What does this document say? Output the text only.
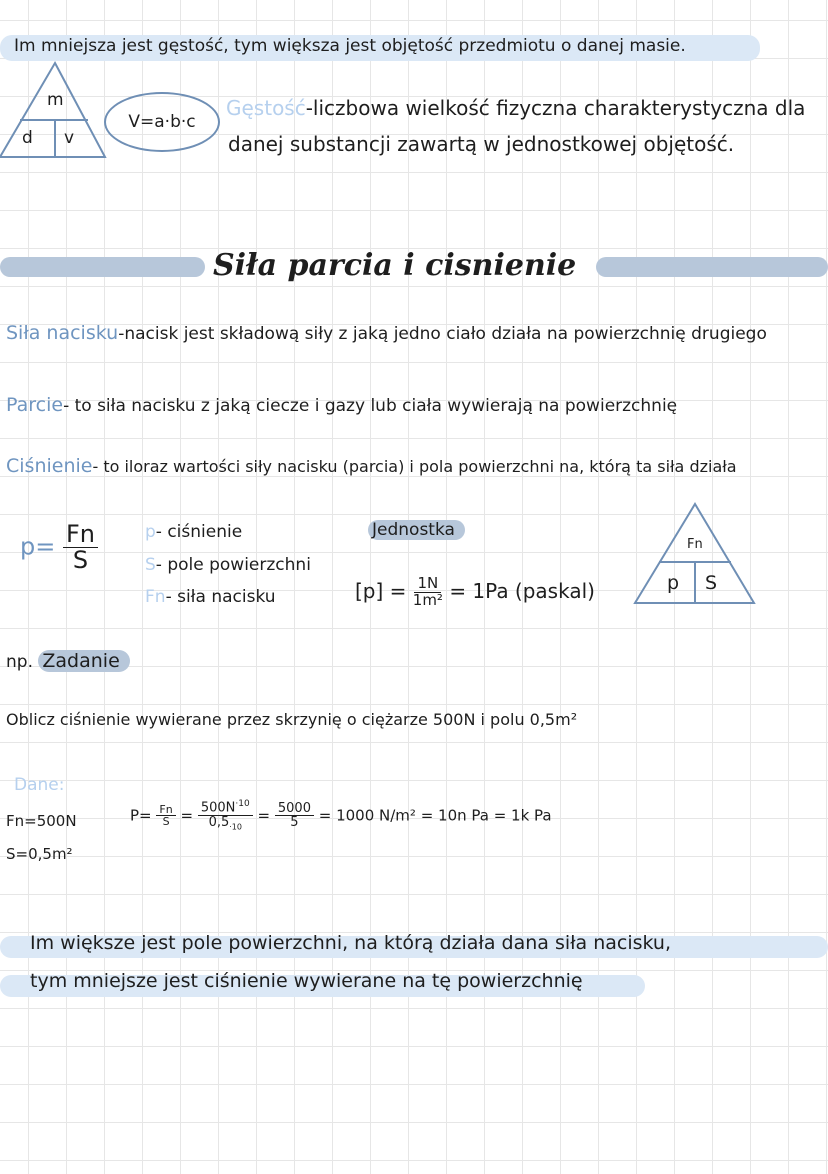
Im mniejsza jest gęstość, tym większa jest objętość przedmiotu o danej masie.
m
d v
V=a·b·c
Gęstość-liczbowa wielkość fizyczna charakterystyczna dla
danej substancji zawartą w jednostkowej objętość.
Siła parcia i cisnienie
Siła nacisku-nacisk jest składową siły z jaką jedno ciało działa na powierzchnię drugiego
Parcie- to siła nacisku z jaką ciecze i gazy lub ciała wywierają na powierzchnię
Ciśnienie- to iloraz wartości siły nacisku (parcia) i pola powierzchni na, którą ta siła działa
$p= \frac{Fn}{S}$	p- ciśnienie
S- pole powierzchni
Fn- siła nacisku
Jednostka
$[p] = \frac{1N}{\text{1m²}} = 1Pa$ (paskal)
Fn
p S
np. Zadanie
Oblicz ciśnienie wywierane przez skrzynię o ciężarze 500N i polu 0,5m²
Dane:
Fn=500N
S=0,5m²
$P= \frac{Fn}{S} = \frac{500N^{\cdot 10}}{0,5_{\cdot 10}} = \frac{5000}{5} = 1000$ N/m² = 10n Pa = 1k Pa
Im większe jest pole powierzchni, na którą działa dana siła nacisku,
tym mniejsze jest ciśnienie wywierane na tę powierzchnię
